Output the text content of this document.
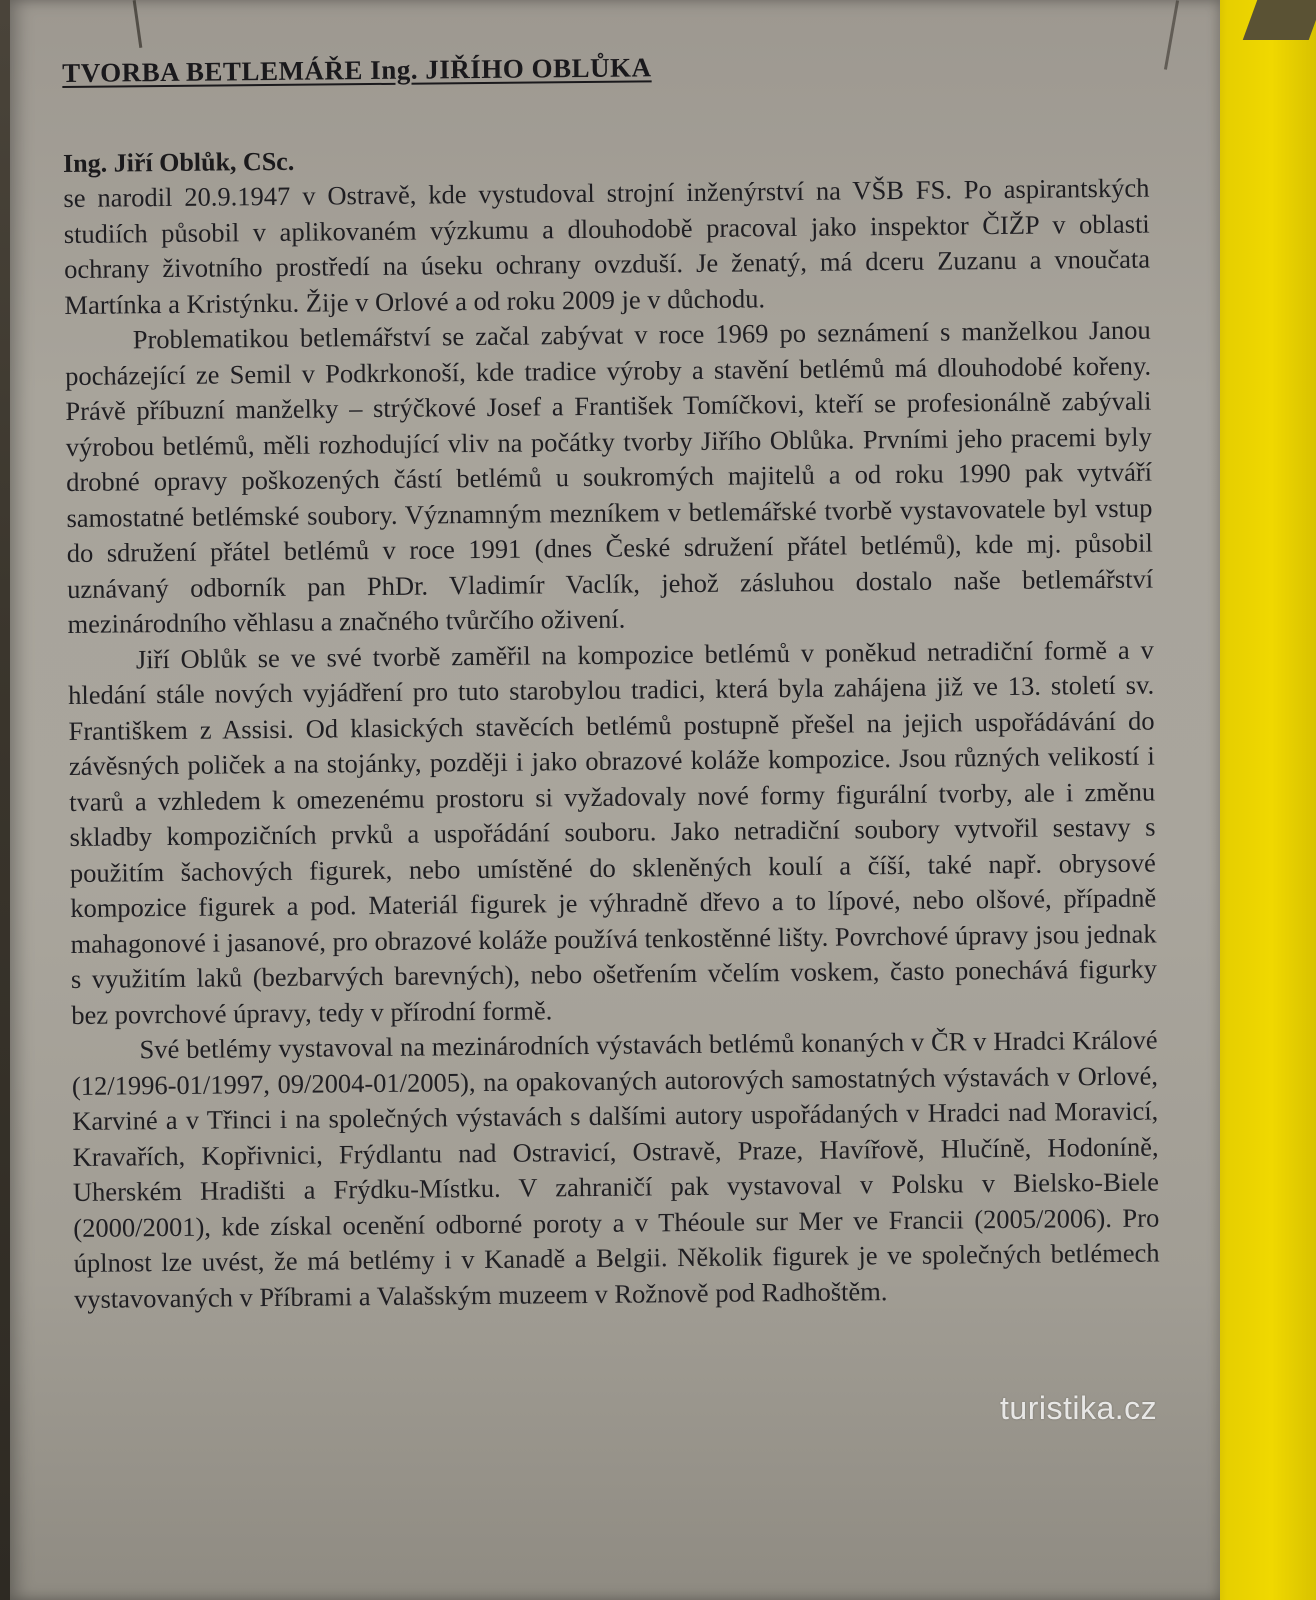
TVORBA BETLEMÁŘE Ing. JIŘÍHO OBLŮKA
Ing. Jiří Oblůk, CSc.

se narodil 20.9.1947 v Ostravě, kde vystudoval strojní inženýrství na VŠB FS. Po aspirantských studiích působil v aplikovaném výzkumu a dlouhodobě pracoval jako inspektor ČIŽP v oblasti ochrany životního prostředí na úseku ochrany ovzduší. Je ženatý, má dceru Zuzanu a vnoučata Martínka a Kristýnku. Žije v Orlové a od roku 2009 je v důchodu.

Problematikou betlemářství se začal zabývat v roce 1969 po seznámení s manželkou Janou pocházející ze Semil v Podkrkonoší, kde tradice výroby a stavění betlémů má dlouhodobé kořeny. Právě příbuzní manželky – strýčkové Josef a František Tomíčkovi, kteří se profesionálně zabývali výrobou betlémů, měli rozhodující vliv na počátky tvorby Jiřího Oblůka. Prvními jeho pracemi byly drobné opravy poškozených částí betlémů u soukromých majitelů a od roku 1990 pak vytváří samostatné betlémské soubory. Významným mezníkem v betlemářské tvorbě vystavovatele byl vstup do sdružení přátel betlémů v roce 1991 (dnes České sdružení přátel betlémů), kde mj. působil uznávaný odborník pan PhDr. Vladimír Vaclík, jehož zásluhou dostalo naše betlemářství mezinárodního věhlasu a značného tvůrčího oživení.

Jiří Oblůk se ve své tvorbě zaměřil na kompozice betlémů v poněkud netradiční formě a v hledání stále nových vyjádření pro tuto starobylou tradici, která byla zahájena již ve 13. století sv. Františkem z Assisi. Od klasických stavěcích betlémů postupně přešel na jejich uspořádávání do závěsných poliček a na stojánky, později i jako obrazové koláže kompozice. Jsou různých velikostí i tvarů a vzhledem k omezenému prostoru si vyžadovaly nové formy figurální tvorby, ale i změnu skladby kompozičních prvků a uspořádání souboru. Jako netradiční soubory vytvořil sestavy s použitím šachových figurek, nebo umístěné do skleněných koulí a číší, také např. obrysové kompozice figurek a pod. Materiál figurek je výhradně dřevo a to lípové, nebo olšové, případně mahagonové i jasanové, pro obrazové koláže používá tenkostěnné lišty. Povrchové úpravy jsou jednak s využitím laků (bezbarvých barevných), nebo ošetřením včelím voskem, často ponechává figurky bez povrchové úpravy, tedy v přírodní formě.

Své betlémy vystavoval na mezinárodních výstavách betlémů konaných v ČR v Hradci Králové (12/1996-01/1997, 09/2004-01/2005), na opakovaných autorových samostatných výstavách v Orlové, Karviné a v Třinci i na společných výstavách s dalšími autory uspořádaných v Hradci nad Moravicí, Kravařích, Kopřivnici, Frýdlantu nad Ostravicí, Ostravě, Praze, Havířově, Hlučíně, Hodoníně, Uherském Hradišti a Frýdku-Místku. V zahraničí pak vystavoval v Polsku v Bielsko-Biele (2000/2001), kde získal ocenění odborné poroty a v Théoule sur Mer ve Francii (2005/2006). Pro úplnost lze uvést, že má betlémy i v Kanadě a Belgii. Několik figurek je ve společných betlémech vystavovaných v Příbrami a Valašským muzeem v Rožnově pod Radhoštěm.

turistika.cz
